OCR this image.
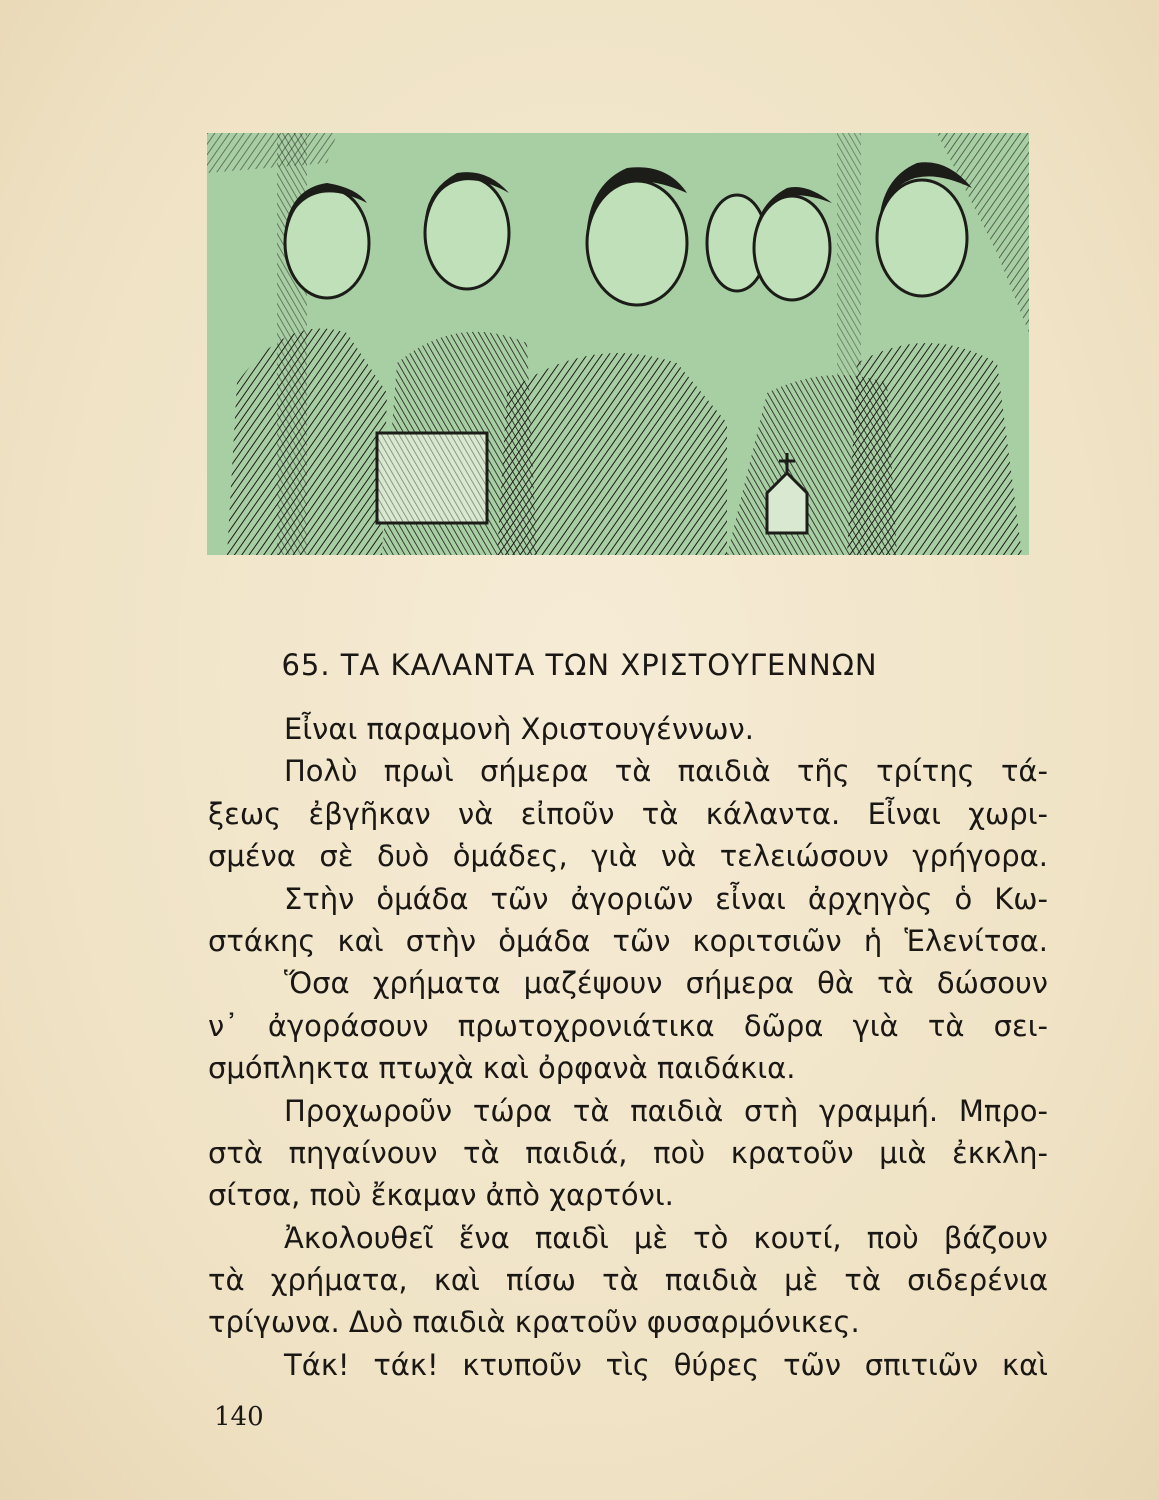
65. ΤΑ ΚΑΛΑΝΤΑ ΤΩΝ ΧΡΙΣΤΟΥΓΕΝΝΩΝ
Εἶναι παραμονὴ Χριστουγέννων.
Πολὺ πρωὶ σήμερα τὰ παιδιὰ τῆς τρίτης τά-
ξεως ἐβγῆκαν νὰ εἰποῦν τὰ κάλαντα. Εἶναι χωρι-
σμένα σὲ δυὸ ὁμάδες, γιὰ νὰ τελειώσουν γρήγορα.
Στὴν ὁμάδα τῶν ἀγοριῶν εἶναι ἀρχηγὸς ὁ Κω-
στάκης καὶ στὴν ὁμάδα τῶν κοριτσιῶν ἡ Ἑλενίτσα.
Ὅσα χρήματα μαζέψουν σήμερα θὰ τὰ δώσουν
ν᾿ ἀγοράσουν πρωτοχρονιάτικα δῶρα γιὰ τὰ σει-
σμόπληκτα πτωχὰ καὶ ὀρφανὰ παιδάκια.
Προχωροῦν τώρα τὰ παιδιὰ στὴ γραμμή. Μπρο-
στὰ πηγαίνουν τὰ παιδιά, ποὺ κρατοῦν μιὰ ἐκκλη-
σίτσα, ποὺ ἔκαμαν ἀπὸ χαρτόνι.
Ἀκολουθεῖ ἕνα παιδὶ μὲ τὸ κουτί, ποὺ βάζουν
τὰ χρήματα, καὶ πίσω τὰ παιδιὰ μὲ τὰ σιδερένια
τρίγωνα. Δυὸ παιδιὰ κρατοῦν φυσαρμόνικες.
Τάκ! τάκ! κτυποῦν τὶς θύρες τῶν σπιτιῶν καὶ
140
